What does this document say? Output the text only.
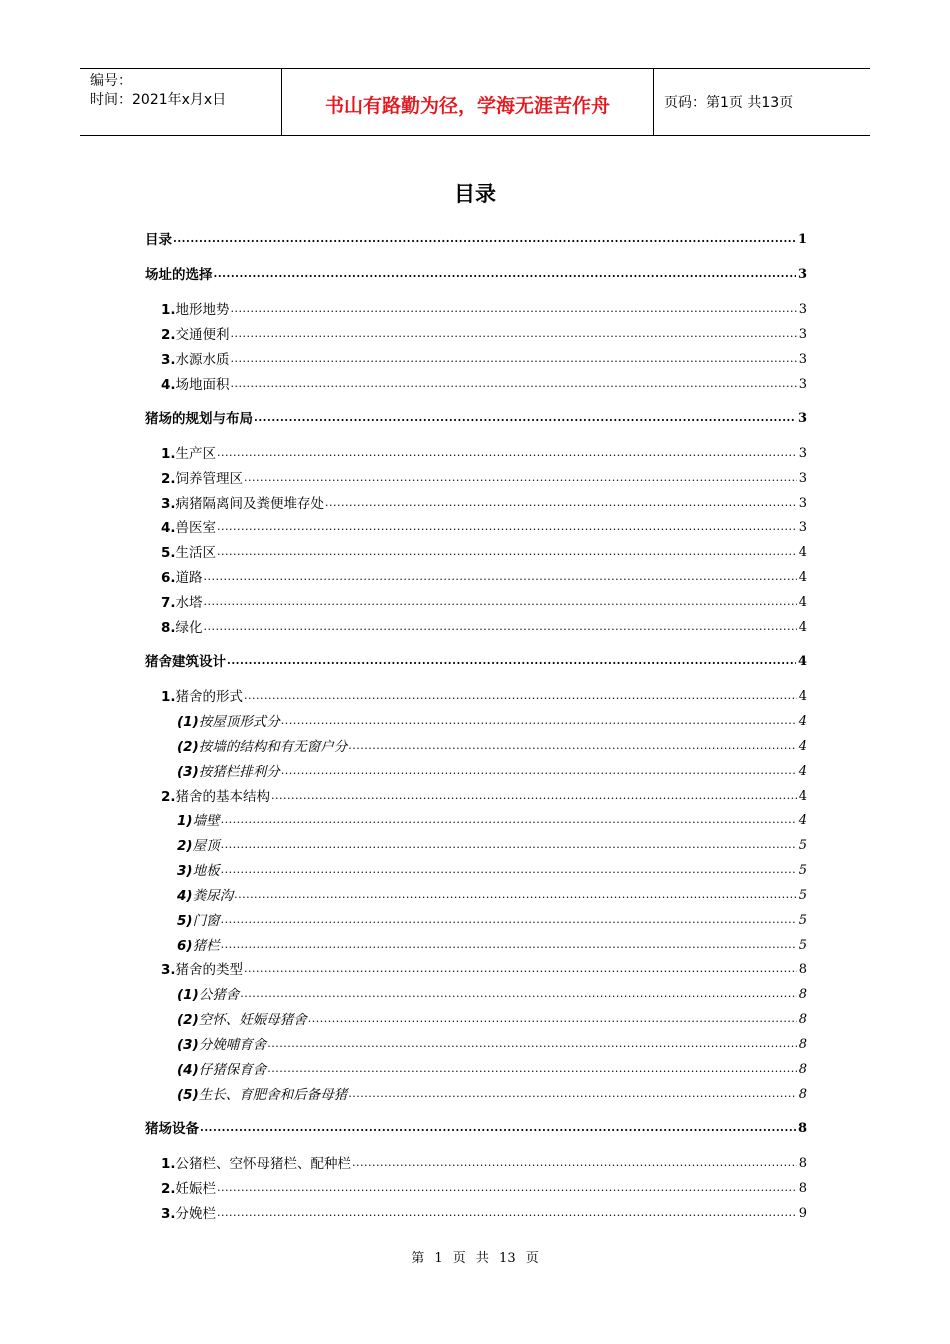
编号：
时间：2021年x月x日	书山有路勤为径，学海无涯苦作舟	页码：第1页 共13页
目录
目录 .....	1
场址的选择 .....	3
1.地形地势 .....	3
2.交通便利 .....	3
3.水源水质 .....	3
4.场地面积 .....	3
猪场的规划与布局 .....	3
1.生产区 .....	3
2.饲养管理区 .....	3
3.病猪隔离间及粪便堆存处 .....	3
4.兽医室 .....	3
5.生活区 .....	4
6.道路 .....	4
7.水塔 .....	4
8.绿化 .....	4
猪舍建筑设计 .....	4
1.猪舍的形式 .....	4
(1)按屋顶形式分 .....	4
(2)按墙的结构和有无窗户分 .....	4
(3)按猪栏排利分 .....	4
2.猪舍的基本结构 .....	4
1)墙壁 .....	4
2)屋顶 .....	5
3)地板 .....	5
4)粪尿沟 .....	5
5)门窗 .....	5
6)猪栏 .....	5
3.猪舍的类型 .....	8
(1)公猪舍 .....	8
(2)空怀、妊娠母猪舍 .....	8
(3)分娩哺育舍 .....	8
(4)仔猪保育舍 .....	8
(5)生长、育肥舍和后备母猪 .....	8
猪场设备 .....	8
1.公猪栏、空怀母猪栏、配种栏 .....	8
2.妊娠栏 .....	8
3.分娩栏 .....	9
第 1 页 共 13 页
